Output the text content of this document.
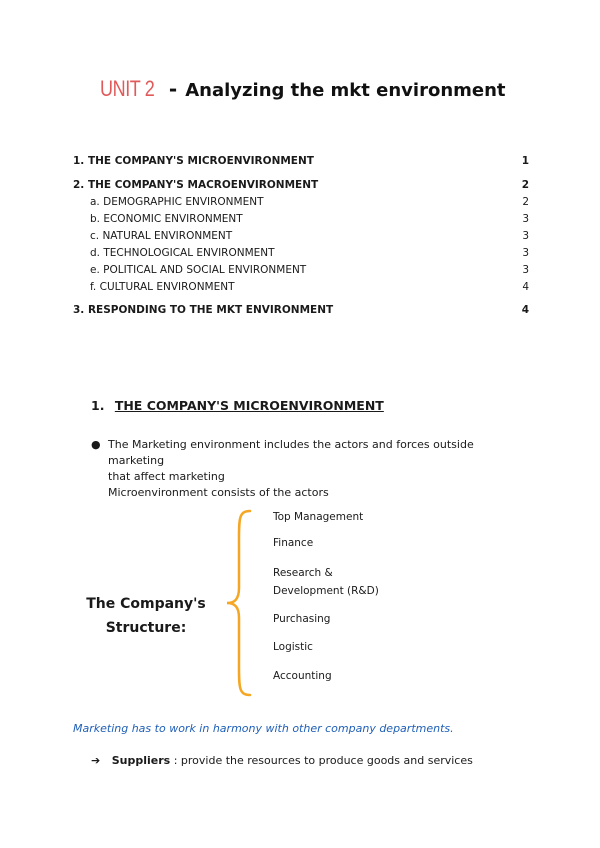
UNIT 2 - Analyzing the mkt environment
1. THE COMPANY'S MICROENVIRONMENT	1
2. THE COMPANY'S MACROENVIRONMENT	2
a. DEMOGRAPHIC ENVIRONMENT	2
b. ECONOMIC ENVIRONMENT	3
c. NATURAL ENVIRONMENT	3
d. TECHNOLOGICAL ENVIRONMENT	3
e. POLITICAL AND SOCIAL ENVIRONMENT	3
f. CULTURAL ENVIRONMENT	4
3. RESPONDING TO THE MKT ENVIRONMENT	4
1. THE COMPANY'S MICROENVIRONMENT
● The Marketing environment includes the actors and forces outside marketing
that affect marketing
Microenvironment consists of the actors
The Company's
Structure:
Top Management
Finance
Research &
Development (R&D)
Purchasing
Logistic
Accounting
Marketing has to work in harmony with other company departments.
➔ Suppliers : provide the resources to produce goods and services
